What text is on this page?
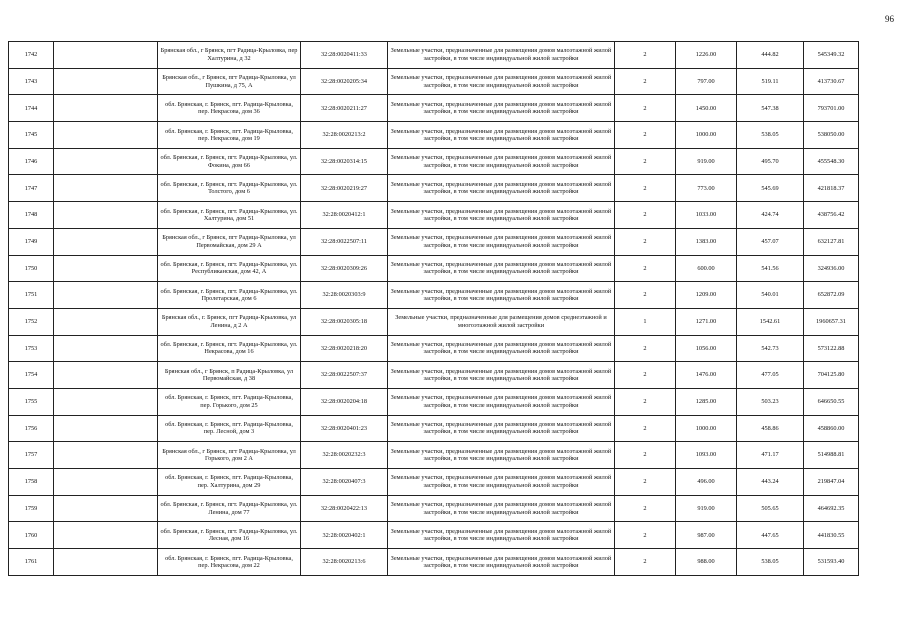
96
1742		Брянская обл., г Брянск, пгт Радица-Крыловка, пер Халтурина, д 32	32:28:0020411:33	Земельные участки, предназначенные для размещения домов малоэтажной жилой застройки, в том числе индивидуальной жилой застройки	2	1226.00	444.82	545349.32
1743		Брянская обл., г Брянск, пгт Радица-Крыловка, ул Пушкина, д 75, А	32:28:0020205:34	Земельные участки, предназначенные для размещения домов малоэтажной жилой застройки, в том числе индивидуальной жилой застройки	2	797.00	519.11	413730.67
1744		обл. Брянская, г. Брянск, пгт. Радица-Крыловка, пер. Некрасова, дом 36	32:28:0020211:27	Земельные участки, предназначенные для размещения домов малоэтажной жилой застройки, в том числе индивидуальной жилой застройки	2	1450.00	547.38	793701.00
1745		обл. Брянская, г. Брянск, пгт. Радица-Крыловка, пер. Некрасова, дом 19	32:28:0020213:2	Земельные участки, предназначенные для размещения домов малоэтажной жилой застройки, в том числе индивидуальной жилой застройки	2	1000.00	538.05	538050.00
1746		обл. Брянская, г. Брянск, пгт. Радица-Крыловка, ул. Фокина, дом 66	32:28:0020314:15	Земельные участки, предназначенные для размещения домов малоэтажной жилой застройки, в том числе индивидуальной жилой застройки	2	919.00	495.70	455548.30
1747		обл. Брянская, г. Брянск, пгт. Радица-Крыловка, ул. Толстого, дом 6	32:28:0020219:27	Земельные участки, предназначенные для размещения домов малоэтажной жилой застройки, в том числе индивидуальной жилой застройки	2	773.00	545.69	421818.37
1748		обл. Брянская, г. Брянск, пгт. Радица-Крыловка, ул. Халтурина, дом 51	32:28:0020412:1	Земельные участки, предназначенные для размещения домов малоэтажной жилой застройки, в том числе индивидуальной жилой застройки	2	1033.00	424.74	438756.42
1749		Брянская обл., г Брянск, пгт Радица-Крыловка, ул Первомайская, дом 29 А	32:28:0022507:11	Земельные участки, предназначенные для размещения домов малоэтажной жилой застройки, в том числе индивидуальной жилой застройки	2	1383.00	457.07	632127.81
1750		обл. Брянская, г. Брянск, пгт. Радица-Крыловка, ул. Республиканская, дом 42, А	32:28:0020309:26	Земельные участки, предназначенные для размещения домов малоэтажной жилой застройки, в том числе индивидуальной жилой застройки	2	600.00	541.56	324936.00
1751		обл. Брянская, г. Брянск, пгт. Радица-Крыловка, ул. Пролетарская, дом 6	32:28:0020303:9	Земельные участки, предназначенные для размещения домов малоэтажной жилой застройки, в том числе индивидуальной жилой застройки	2	1209.00	540.01	652872.09
1752		Брянская обл., г. Брянск, пгт Радица-Крыловка, ул Ленина, д 2 А	32:28:0020305:18	Земельные участки, предназначенные для размещения домов среднеэтажной и многоэтажной жилой застройки	1	1271.00	1542.61	1960657.31
1753		обл. Брянская, г. Брянск, пгт. Радица-Крыловка, ул. Некрасова, дом 16	32:28:0020218:20	Земельные участки, предназначенные для размещения домов малоэтажной жилой застройки, в том числе индивидуальной жилой застройки	2	1056.00	542.73	573122.88
1754		Брянская обл., г Брянск, п Радица-Крыловка, ул Первомайская, д 38	32:28:0022507:37	Земельные участки, предназначенные для размещения домов малоэтажной жилой застройки, в том числе индивидуальной жилой застройки	2	1476.00	477.05	704125.80
1755		обл. Брянская, г. Брянск, пгт. Радица-Крыловка, пер. Горького, дом 25	32:28:0020204:18	Земельные участки, предназначенные для размещения домов малоэтажной жилой застройки, в том числе индивидуальной жилой застройки	2	1285.00	503.23	646650.55
1756		обл. Брянская, г. Брянск, пгт. Радица-Крыловка, пер. Лесной, дом 3	32:28:0020401:23	Земельные участки, предназначенные для размещения домов малоэтажной жилой застройки, в том числе индивидуальной жилой застройки	2	1000.00	458.86	458860.00
1757		Брянская обл., г Брянск, пгт Радица-Крыловка, ул Горького, дом 2 А	32:28:0020232:3	Земельные участки, предназначенные для размещения домов малоэтажной жилой застройки, в том числе индивидуальной жилой застройки	2	1093.00	471.17	514988.81
1758		обл. Брянская, г. Брянск, пгт. Радица-Крыловка, пер. Халтурина, дом 29	32:28:0020407:3	Земельные участки, предназначенные для размещения домов малоэтажной жилой застройки, в том числе индивидуальной жилой застройки	2	496.00	443.24	219847.04
1759		обл. Брянская, г. Брянск, пгт. Радица-Крыловка, ул. Ленина, дом 77	32:28:0020422:13	Земельные участки, предназначенные для размещения домов малоэтажной жилой застройки, в том числе индивидуальной жилой застройки	2	919.00	505.65	464692.35
1760		обл. Брянская, г. Брянск, пгт. Радица-Крыловка, ул. Лесная, дом 16	32:28:0020402:1	Земельные участки, предназначенные для размещения домов малоэтажной жилой застройки, в том числе индивидуальной жилой застройки	2	987.00	447.65	441830.55
1761		обл. Брянская, г. Брянск, пгт. Радица-Крыловка, пер. Некрасова, дом 22	32:28:0020213:6	Земельные участки, предназначенные для размещения домов малоэтажной жилой застройки, в том числе индивидуальной жилой застройки	2	988.00	538.05	531593.40
